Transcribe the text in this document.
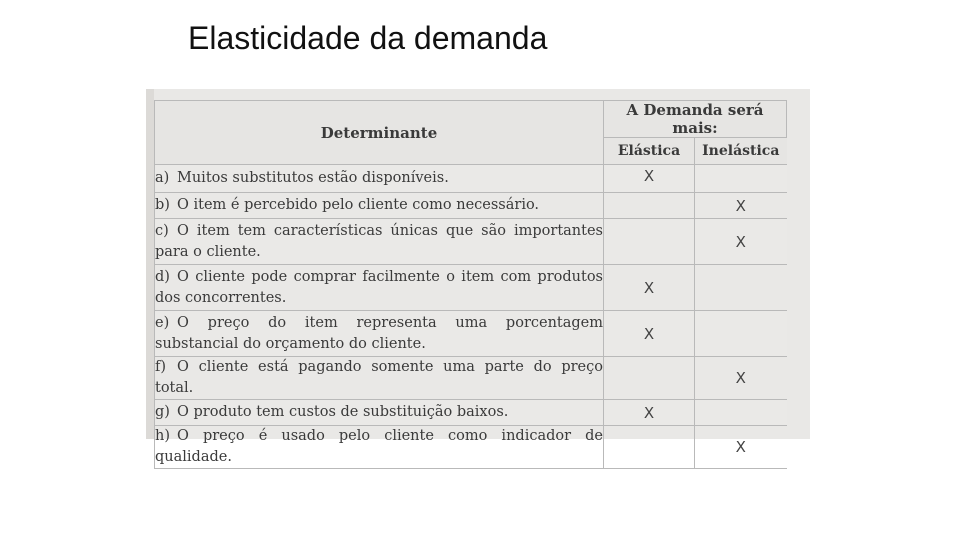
Elasticidade da demanda
Determinante	A Demanda será mais:	
	Elástica	Inelástica
a) Muitos substitutos estão disponíveis.	X	
b) O item é percebido pelo cliente como necessário.		X
c) O item tem características únicas que são importantes para o cliente.		X
d) O cliente pode comprar facilmente o item com produtos dos concorrentes.	X	
e) O preço do item representa uma porcentagem substancial do orçamento do cliente.	X	
f) O cliente está pagando somente uma parte do preço total.		X
g) O produto tem custos de substituição baixos.	X	
h) O preço é usado pelo cliente como indicador de qualidade.		X
